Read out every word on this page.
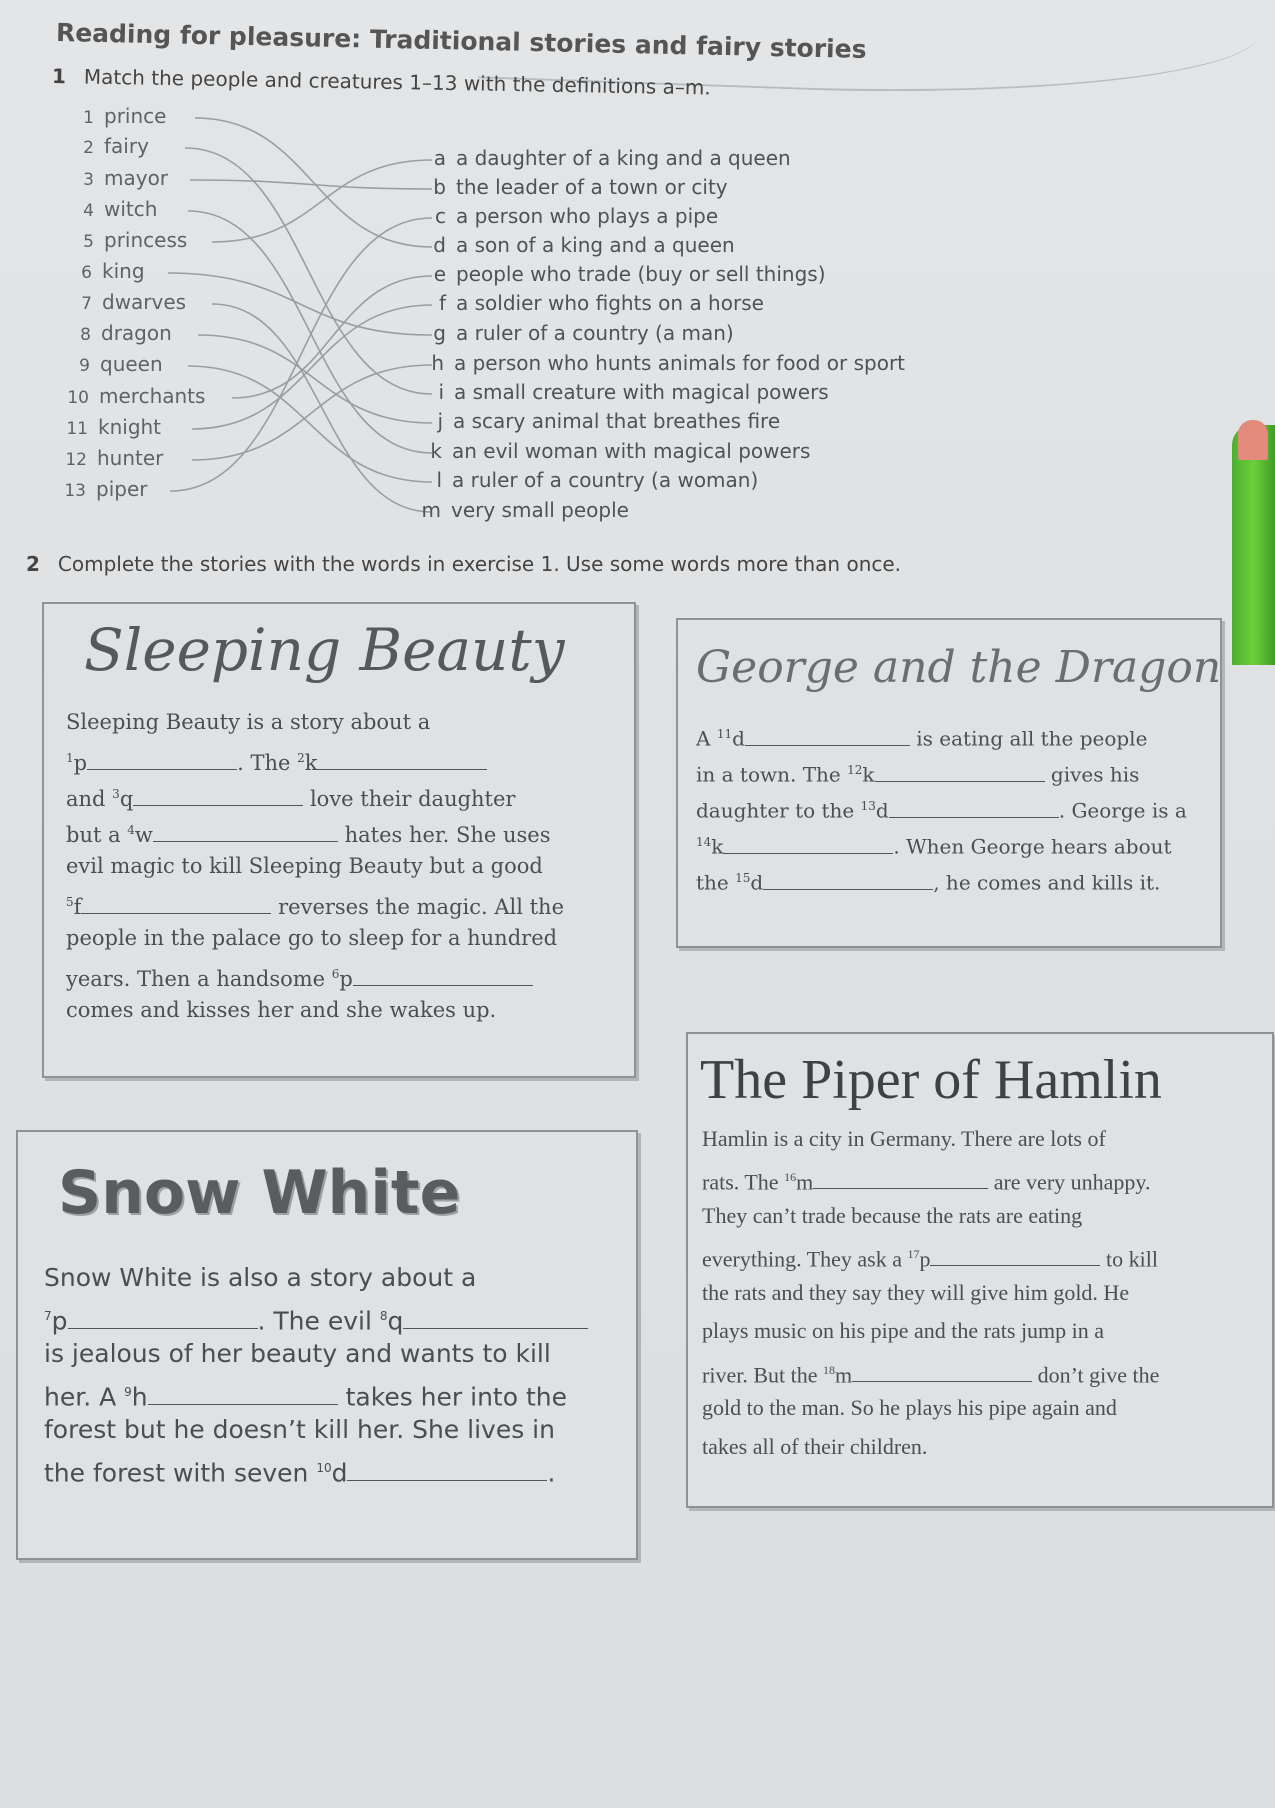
Reading for pleasure: Traditional stories and fairy stories
1 Match the people and creatures 1–13 with the definitions a–m.
1 prince
2 fairy
3 mayor
4 witch
5 princess
6 king
7 dwarves
8 dragon
9 queen
10 merchants
11 knight
12 hunter
13 piper
a a daughter of a king and a queen
b the leader of a town or city
c a person who plays a pipe
d a son of a king and a queen
e people who trade (buy or sell things)
f a soldier who fights on a horse
g a ruler of a country (a man)
h a person who hunts animals for food or sport
i a small creature with magical powers
j a scary animal that breathes fire
k an evil woman with magical powers
l a ruler of a country (a woman)
m very small people
2 Complete the stories with the words in exercise 1. Use some words more than once.
Sleeping Beauty
Sleeping Beauty is a story about a
$^1$p	. The $^2$k
and $^3$q	love their daughter
but a $^4$w	hates her. She uses
evil magic to kill Sleeping Beauty but a good
$^5$f	reverses the magic. All the
people in the palace go to sleep for a hundred
years. Then a handsome $^6$p
comes and kisses her and she wakes up.
George and the Dragon
A $^{11}$d	is eating all the people
in a town. The $^{12}$k	gives his
daughter to the $^{13}$d	. George is a
$^{14}$k	. When George hears about
the $^{15}$d	, he comes and kills it.
The Piper of Hamlin
Hamlin is a city in Germany. There are lots of
rats. The $^{16}$m	are very unhappy.
They can’t trade because the rats are eating
everything. They ask a $^{17}$p	to kill
the rats and they say they will give him gold. He
plays music on his pipe and the rats jump in a
river. But the $^{18}$m	don’t give the
gold to the man. So he plays his pipe again and
takes all of their children.
Snow White
Snow White is also a story about a
$^7$p	. The evil $^8$q
is jealous of her beauty and wants to kill
her. A $^9$h	takes her into the
forest but he doesn’t kill her. She lives in
the forest with seven $^{10}$d	.
